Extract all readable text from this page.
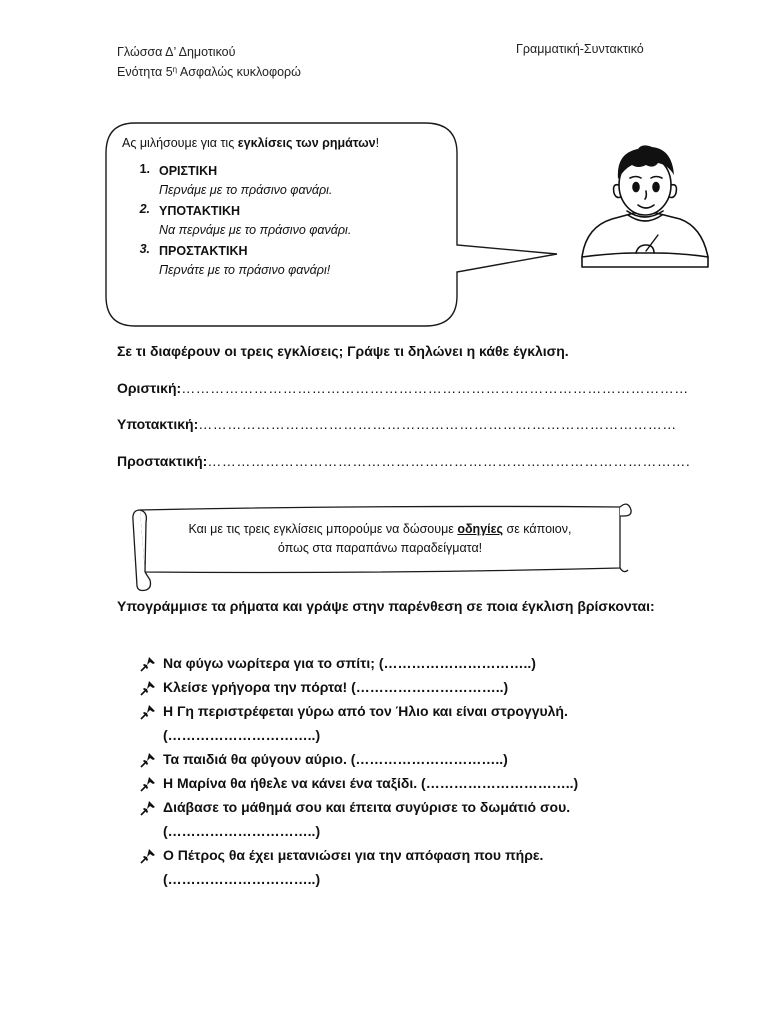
Γλώσσα Δ’ Δημοτικού
Ενότητα $5^\eta$ Ασφαλώς κυκλοφορώ
Γραμματική-Συντακτικό

Ας μιλήσουμε για τις εγκλίσεις των ρημάτων!

1. ΟΡΙΣΤΙΚΗ
Περνάμε με το πράσινο φανάρι.
2. ΥΠΟΤΑΚΤΙΚΗ
Να περνάμε με το πράσινο φανάρι.
3. ΠΡΟΣΤΑΚΤΙΚΗ
Περνάτε με το πράσινο φανάρι!
Σε τι διαφέρουν οι τρεις εγκλίσεις; Γράψε τι δηλώνει η κάθε έγκλιση.
Οριστική:……………………………………………………………………………………………
Υποτακτική:………………………………………………………………………………………
Προστακτική:……………………………………………………………………………………….
Και με τις τρεις εγκλίσεις μπορούμε να δώσουμε οδηγίες σε κάποιον,
όπως στα παραπάνω παραδείγματα!
Υπογράμμισε τα ρήματα και γράψε στην παρένθεση σε ποια έγκλιση βρίσκονται:
Να φύγω νωρίτερα για το σπίτι; (…………………………..)
Κλείσε γρήγορα την πόρτα! (…………………………..)
Η Γη περιστρέφεται γύρω από τον Ήλιο και είναι στρογγυλή.
(…………………………..)
Τα παιδιά θα φύγουν αύριο. (…………………………..)
Η Μαρίνα θα ήθελε να κάνει ένα ταξίδι. (…………………………..)
Διάβασε το μάθημά σου και έπειτα συγύρισε το δωμάτιό σου.
(…………………………..)
Ο Πέτρος θα έχει μετανιώσει για την απόφαση που πήρε.
(…………………………..)
